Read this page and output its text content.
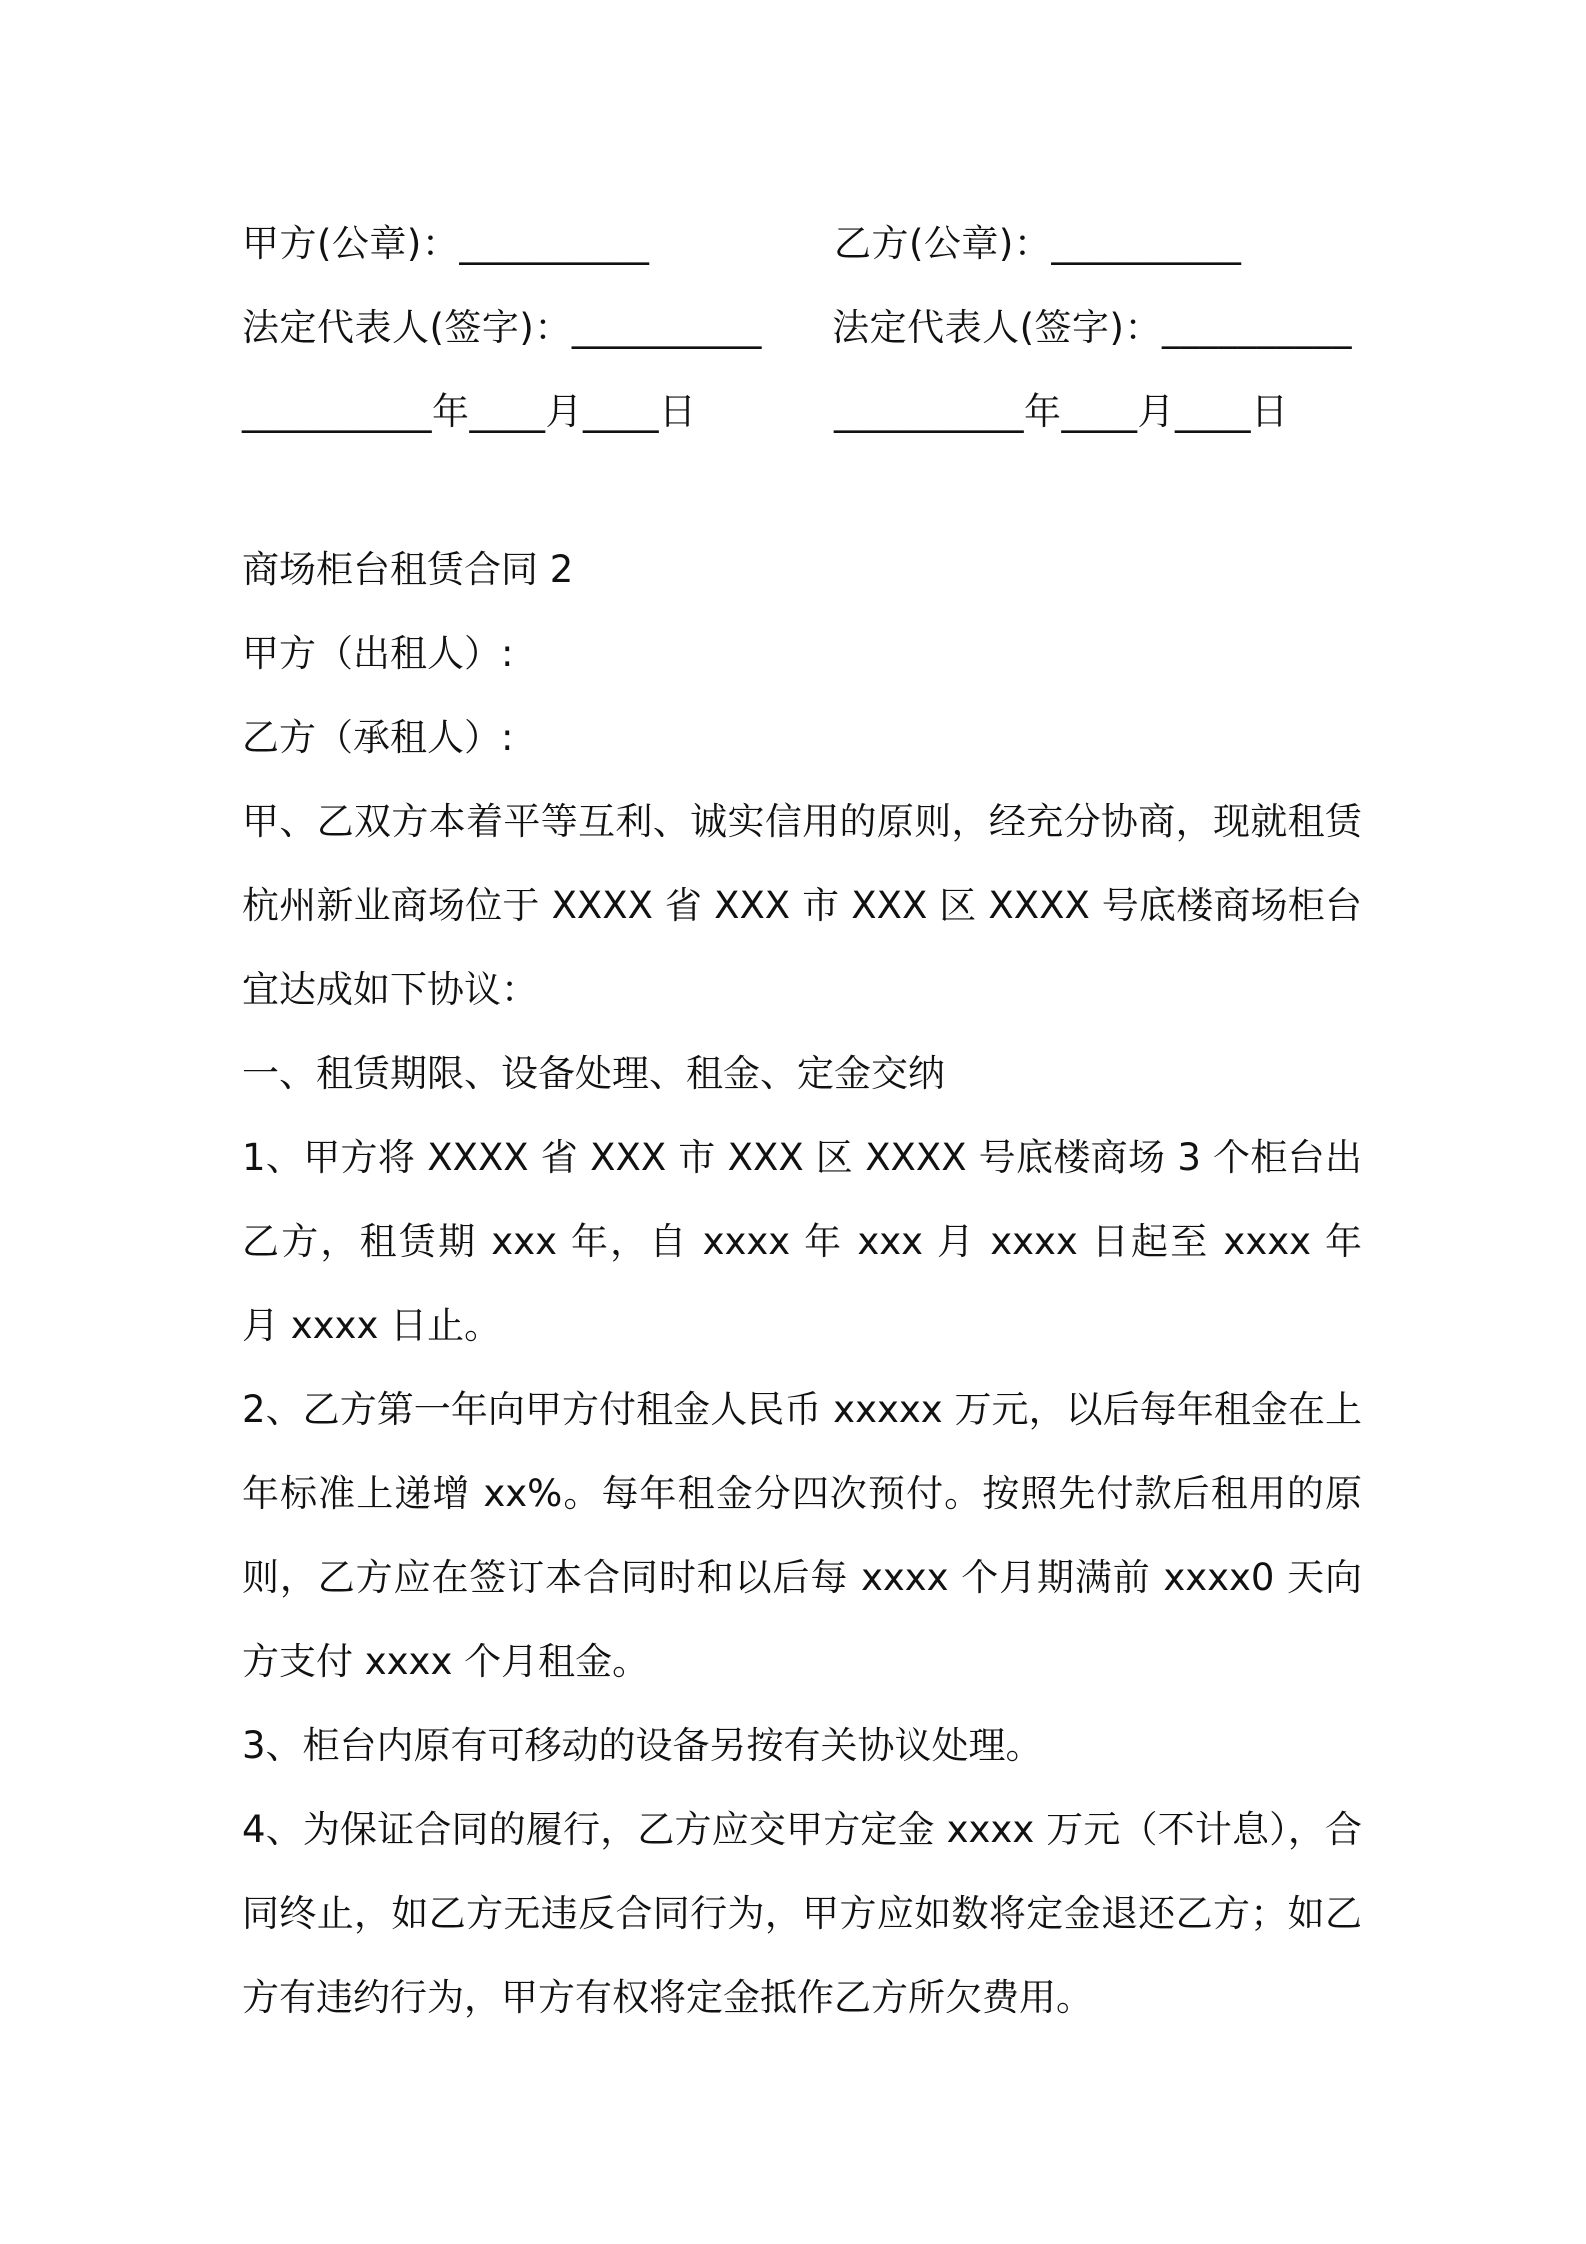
甲方(公章)：__________	乙方(公章)：__________
法定代表人(签字)：__________	法定代表人(签字)：__________
__________年____月____日	__________年____月____日
商场柜台租赁合同 2
甲方（出租人）:
乙方（承租人）:
甲、乙双方本着平等互利、诚实信用的原则，经充分协商，现就租赁
杭州新业商场位于 XXXX 省 XXX 市 XXX 区 XXXX 号底楼商场柜台
宜达成如下协议：
一、租赁期限、设备处理、租金、定金交纳
1、甲方将 XXXX 省 XXX 市 XXX 区 XXXX 号底楼商场 3 个柜台出
乙方，租赁期 xxx 年，自 xxxx 年 xxx 月 xxxx 日起至 xxxx 年
月 xxxx 日止。
2、乙方第一年向甲方付租金人民币 xxxxx 万元，以后每年租金在上
年标准上递增 xx%。每年租金分四次预付。按照先付款后租用的原
则，乙方应在签订本合同时和以后每 xxxx 个月期满前 xxxx0 天向
方支付 xxxx 个月租金。
3、柜台内原有可移动的设备另按有关协议处理。
4、为保证合同的履行，乙方应交甲方定金 xxxx 万元（不计息），合
同终止，如乙方无违反合同行为，甲方应如数将定金退还乙方；如乙
方有违约行为，甲方有权将定金抵作乙方所欠费用。
